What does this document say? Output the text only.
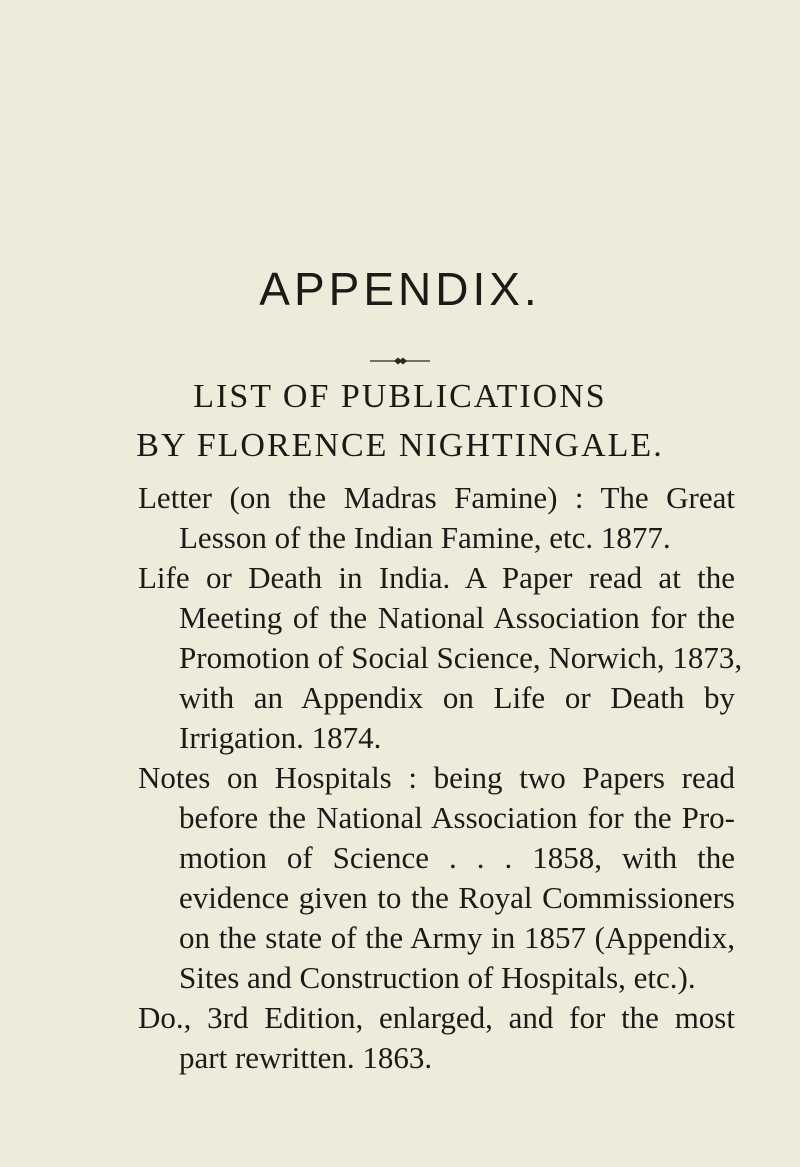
APPENDIX.
LIST OF PUBLICATIONS
BY FLORENCE NIGHTINGALE.
Letter (on the Madras Famine) : The Great
Lesson of the Indian Famine, etc. 1877.
Life or Death in India. A Paper read at the
Meeting of the National Association for the
Promotion of Social Science, Norwich, 1873,
with an Appendix on Life or Death by
Irrigation. 1874.
Notes on Hospitals : being two Papers read
before the National Association for the Pro-
motion of Science . . . 1858, with the
evidence given to the Royal Commissioners
on the state of the Army in 1857 (Appendix,
Sites and Construction of Hospitals, etc.).
Do., 3rd Edition, enlarged, and for the most
part rewritten. 1863.
